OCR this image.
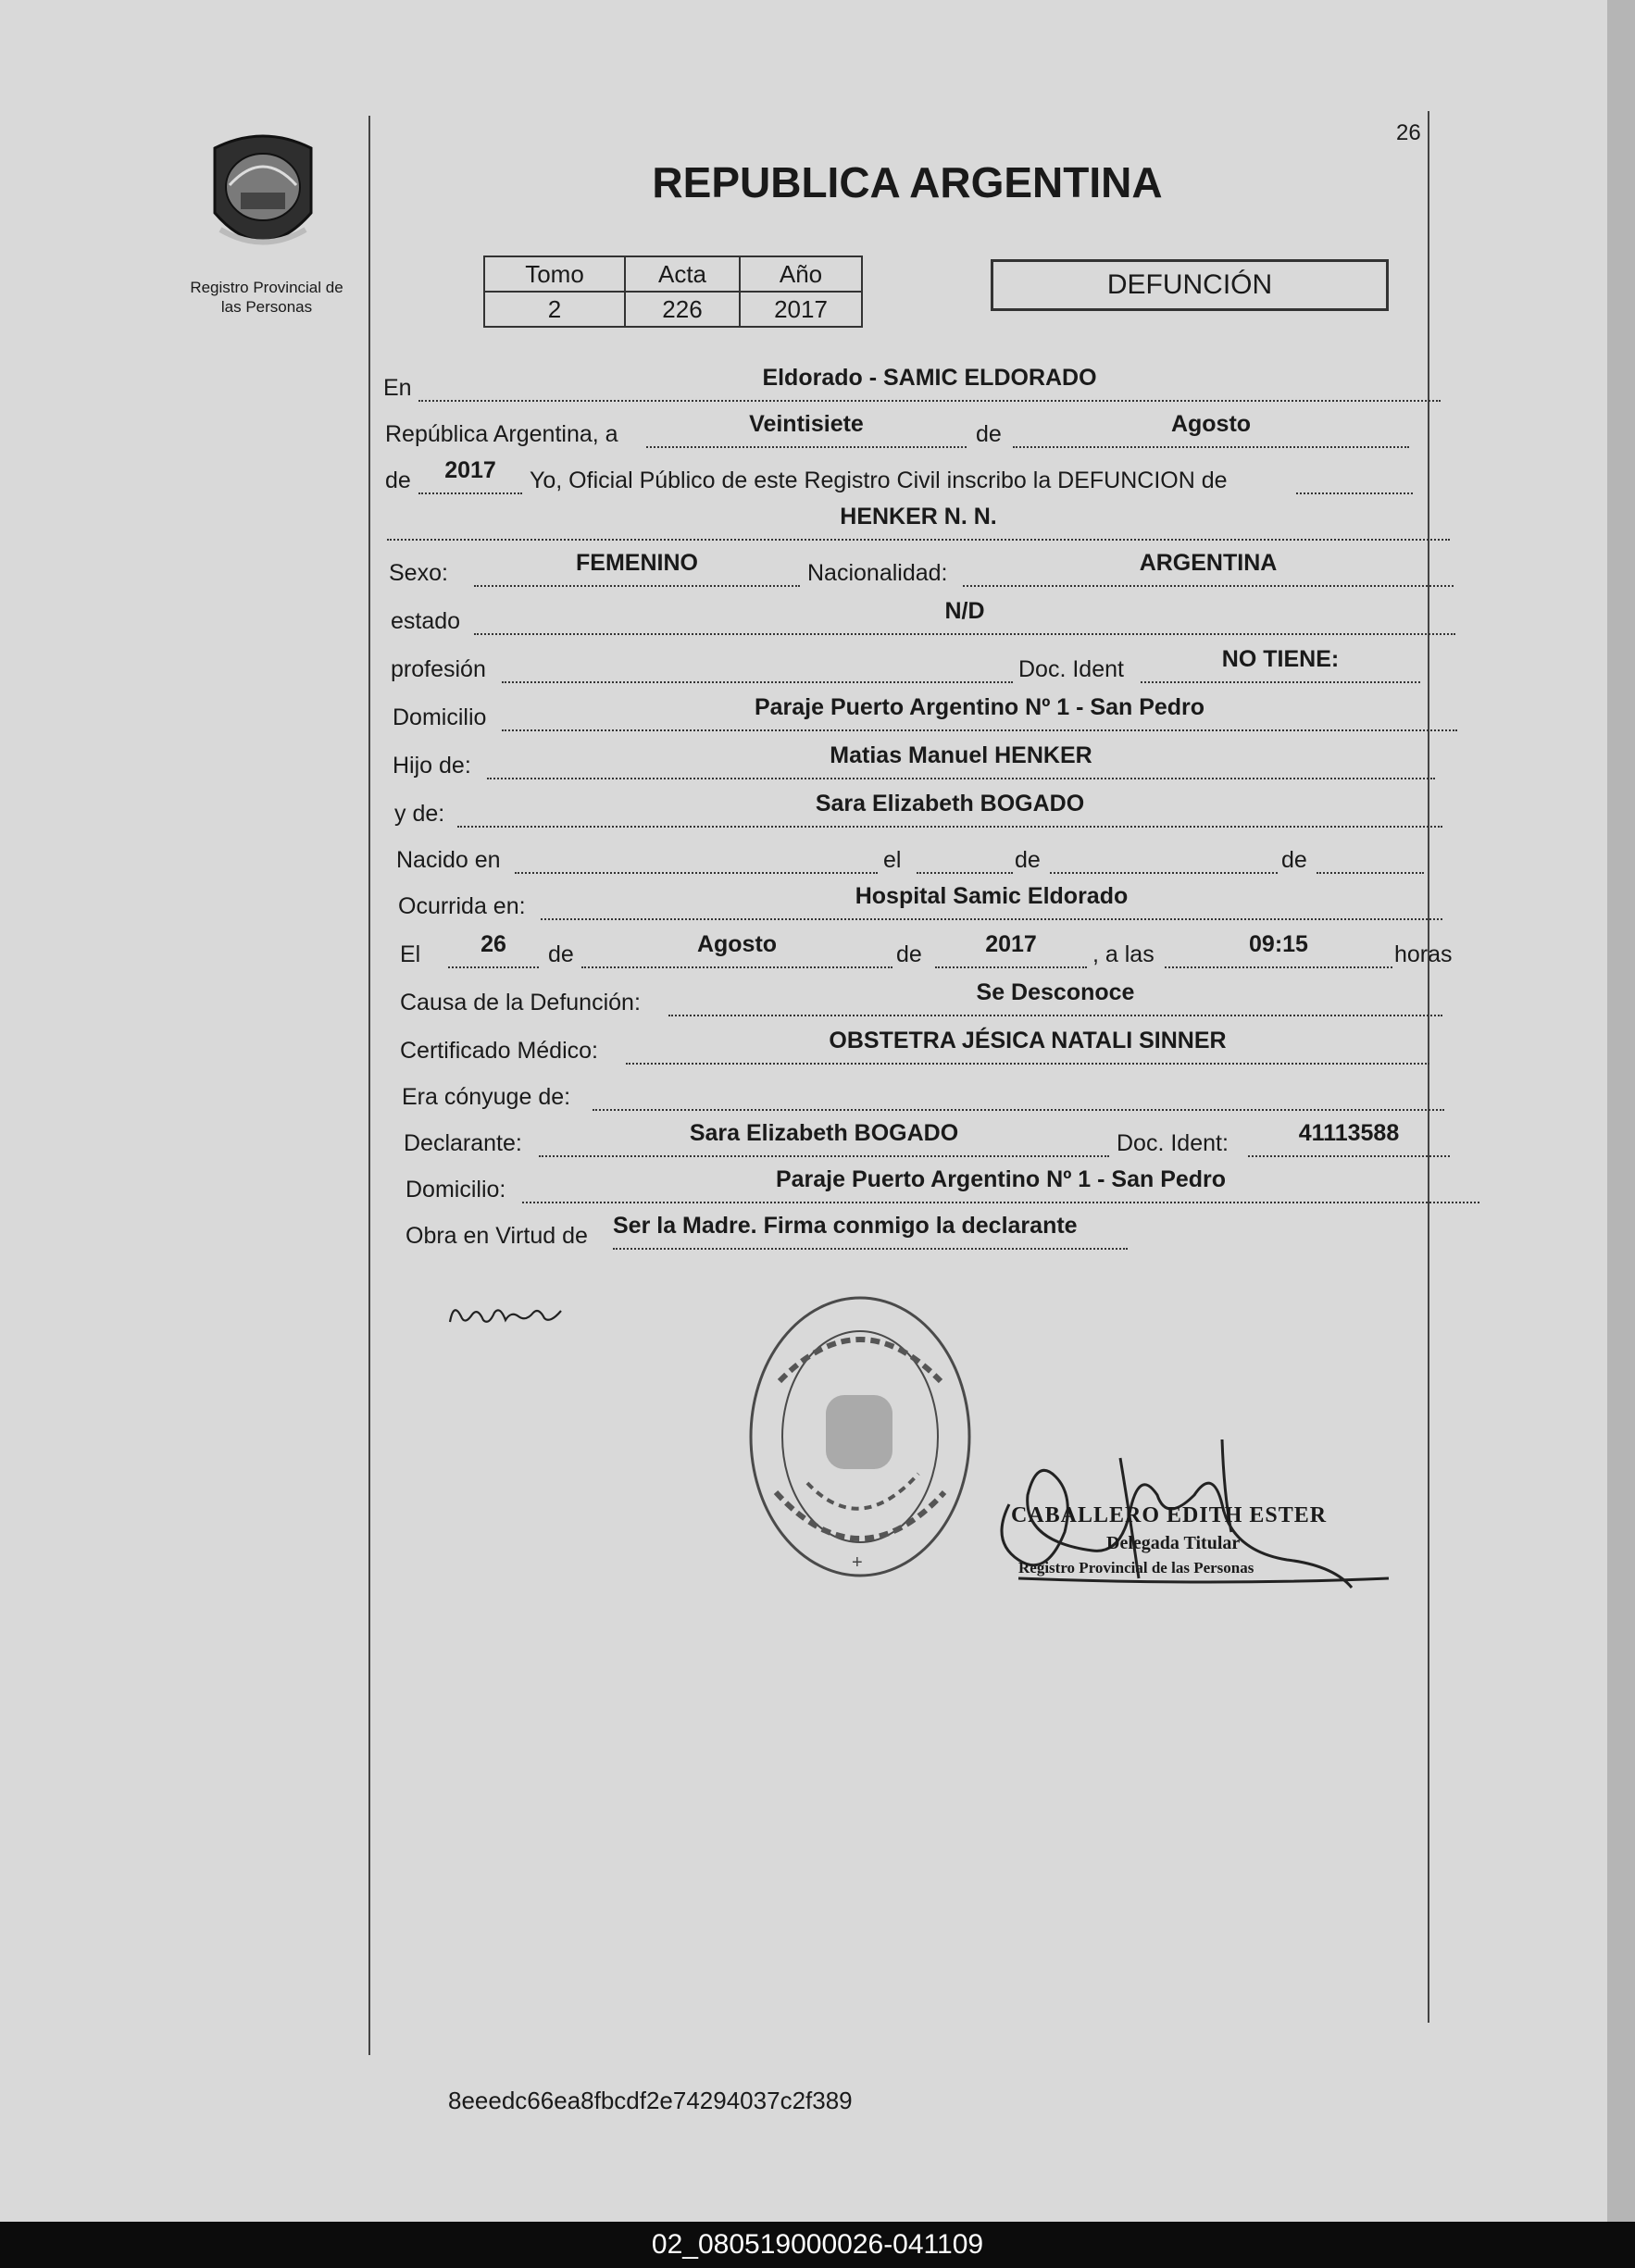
26
Registro Provincial de
las Personas
REPUBLICA ARGENTINA
Tomo	Acta	Año
2	226	2017
DEFUNCIÓN
En	Eldorado - SAMIC ELDORADO
República Argentina, a	Veintisiete	de	Agosto
de	2017	Yo, Oficial Público de este Registro Civil inscribo la DEFUNCION de
HENKER N. N.
Sexo:	FEMENINO	Nacionalidad:	ARGENTINA
estado	N/D
profesión	Doc. Ident	NO TIENE:
Domicilio	Paraje Puerto Argentino Nº 1 - San Pedro
Hijo de:	Matias Manuel HENKER
y de:	Sara Elizabeth BOGADO
Nacido en	el	de	de
Ocurrida en:	Hospital Samic Eldorado
El	26	de	Agosto	de	2017	, a las	09:15	horas
Causa de la Defunción:	Se Desconoce
Certificado Médico:	OBSTETRA JÉSICA NATALI SINNER
Era cónyuge de:
Declarante:	Sara Elizabeth BOGADO	Doc. Ident:	41113588
Domicilio:	Paraje Puerto Argentino Nº 1 - San Pedro
Obra en Virtud de Ser la Madre. Firma conmigo la declarante
+
CABALLERO EDITH ESTER
Delegada Titular
Registro Provincial de las Personas
8eeedc66ea8fbcdf2e74294037c2f389
02_080519000026-041109
